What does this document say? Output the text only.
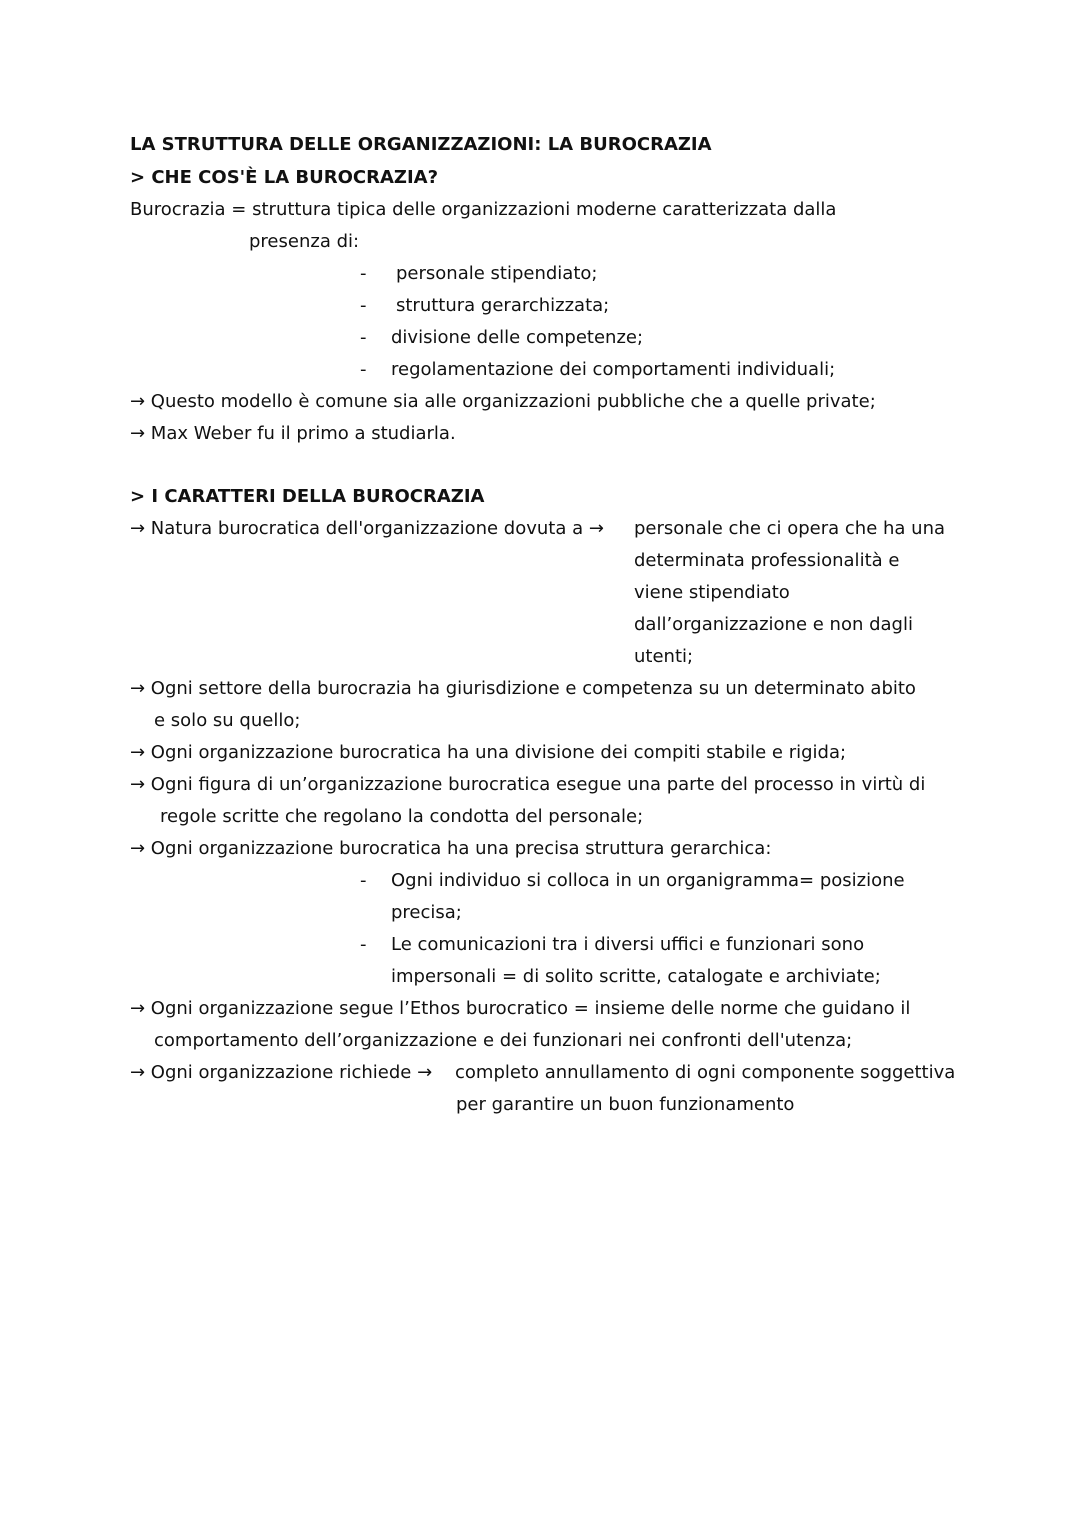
LA STRUTTURA DELLE ORGANIZZAZIONI: LA BUROCRAZIA
> CHE COS'È LA BUROCRAZIA?
Burocrazia = struttura tipica delle organizzazioni moderne caratterizzata dalla
presenza di:
- personale stipendiato;
- struttura gerarchizzata;
- divisione delle competenze;
- regolamentazione dei comportamenti individuali;
→ Questo modello è comune sia alle organizzazioni pubbliche che a quelle private;
→ Max Weber fu il primo a studiarla.
> I CARATTERI DELLA BUROCRAZIA
→ Natura burocratica dell'organizzazione dovuta a → personale che ci opera che ha una
determinata professionalità e
viene stipendiato
dall’organizzazione e non dagli
utenti;
→ Ogni settore della burocrazia ha giurisdizione e competenza su un determinato abito
e solo su quello;
→ Ogni organizzazione burocratica ha una divisione dei compiti stabile e rigida;
→ Ogni figura di un’organizzazione burocratica esegue una parte del processo in virtù di
regole scritte che regolano la condotta del personale;
→ Ogni organizzazione burocratica ha una precisa struttura gerarchica:
- Ogni individuo si colloca in un organigramma= posizione
precisa;
- Le comunicazioni tra i diversi uffici e funzionari sono
impersonali = di solito scritte, catalogate e archiviate;
→ Ogni organizzazione segue l’Ethos burocratico = insieme delle norme che guidano il
comportamento dell’organizzazione e dei funzionari nei confronti dell'utenza;
→ Ogni organizzazione richiede → completo annullamento di ogni componente soggettiva
per garantire un buon funzionamento
